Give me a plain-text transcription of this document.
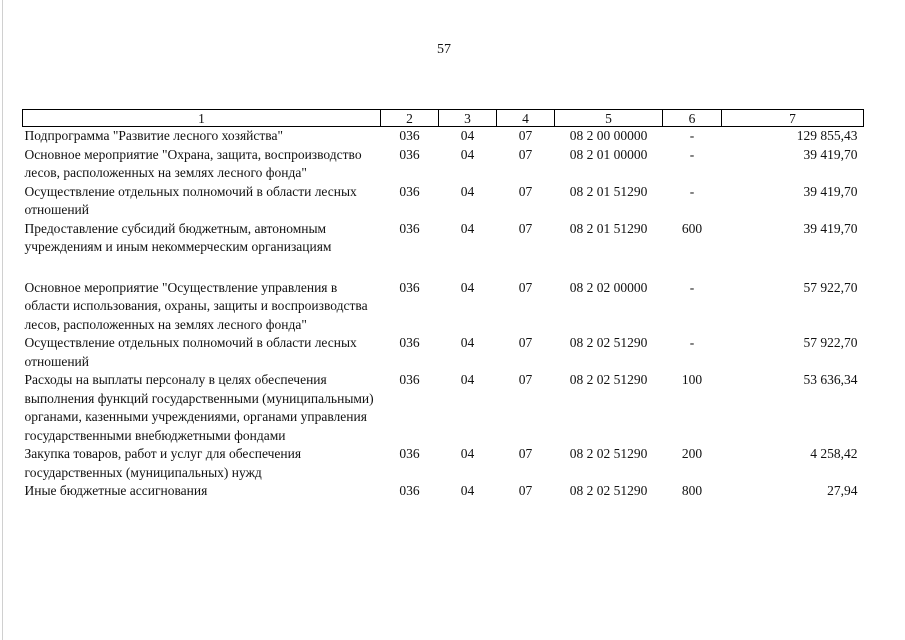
57
1	2	3	4	5	6	7
Подпрограмма "Развитие лесного хозяйства"	036	04	07	08 2 00 00000	-	129 855,43
Основное мероприятие "Охрана, защита, воспроизводство лесов, расположенных на землях лесного фонда"	036	04	07	08 2 01 00000	-	39 419,70
Осуществление отдельных полномочий в области лесных отношений	036	04	07	08 2 01 51290	-	39 419,70
Предоставление субсидий бюджетным, автономным учреждениям и иным некоммерческим организациям	036	04	07	08 2 01 51290	600	39 419,70

Основное мероприятие "Осуществление управления в области использования, охраны, защиты и воспроизводства лесов, расположенных на землях лесного фонда"	036	04	07	08 2 02 00000	-	57 922,70
Осуществление отдельных полномочий в области лесных отношений	036	04	07	08 2 02 51290	-	57 922,70
Расходы на выплаты персоналу в целях обеспечения выполнения функций государственными (муниципальными) органами, казенными учреждениями, органами управления государственными внебюджетными фондами	036	04	07	08 2 02 51290	100	53 636,34
Закупка товаров, работ и услуг для обеспечения государственных (муниципальных) нужд	036	04	07	08 2 02 51290	200	4 258,42
Иные бюджетные ассигнования	036	04	07	08 2 02 51290	800	27,94
